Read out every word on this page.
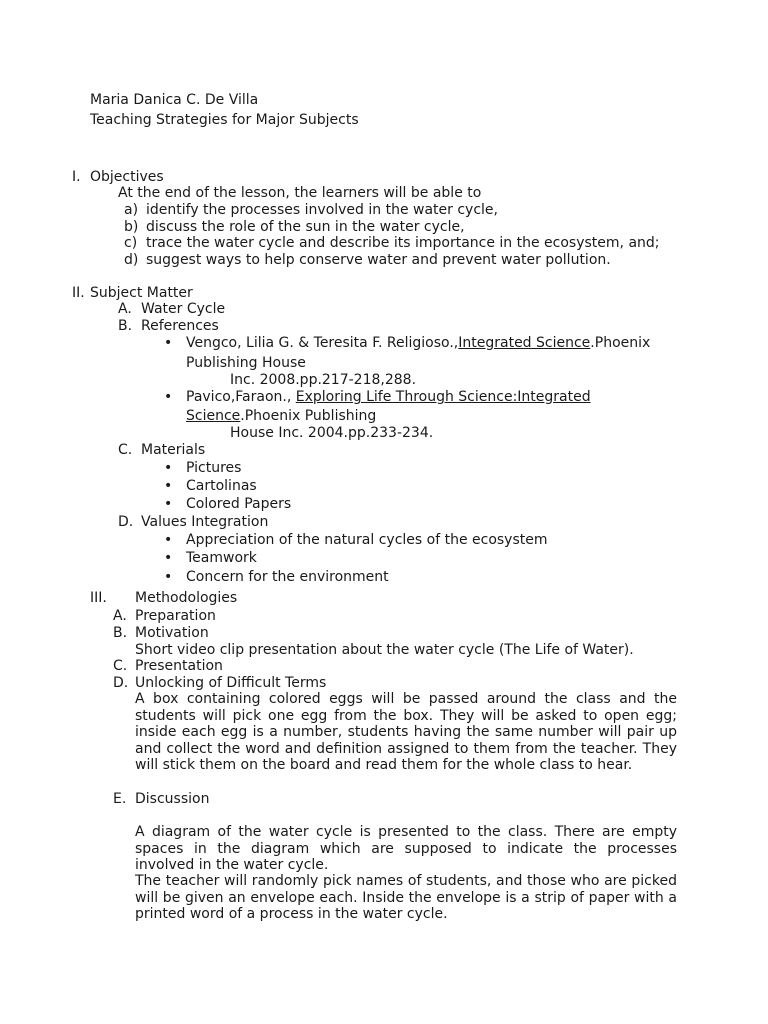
Maria Danica C. De Villa
Teaching Strategies for Major Subjects
I. Objectives
At the end of the lesson, the learners will be able to
a) identify the processes involved in the water cycle,
b) discuss the role of the sun in the water cycle,
c) trace the water cycle and describe its importance in the ecosystem, and;
d) suggest ways to help conserve water and prevent water pollution.
II. Subject Matter
A. Water Cycle
B. References
• Vengco, Lilia G. & Teresita F. Religioso.,Integrated Science.Phoenix
Publishing House
Inc. 2008.pp.217-218,288.
• Pavico,Faraon., Exploring Life Through Science:Integrated
Science.Phoenix Publishing
House Inc. 2004.pp.233-234.
C. Materials
• Pictures
• Cartolinas
• Colored Papers
D. Values Integration
• Appreciation of the natural cycles of the ecosystem
• Teamwork
• Concern for the environment
III. Methodologies
A. Preparation
B. Motivation
Short video clip presentation about the water cycle (The Life of Water).
C. Presentation
D. Unlocking of Difficult Terms
A box containing colored eggs will be passed around the class and the students will pick one egg from the box. They will be asked to open egg; inside each egg is a number, students having the same number will pair up and collect the word and definition assigned to them from the teacher. They will stick them on the board and read them for the whole class to hear.
E. Discussion
A diagram of the water cycle is presented to the class. There are empty spaces in the diagram which are supposed to indicate the processes involved in the water cycle.
The teacher will randomly pick names of students, and those who are picked will be given an envelope each. Inside the envelope is a strip of paper with a printed word of a process in the water cycle.
